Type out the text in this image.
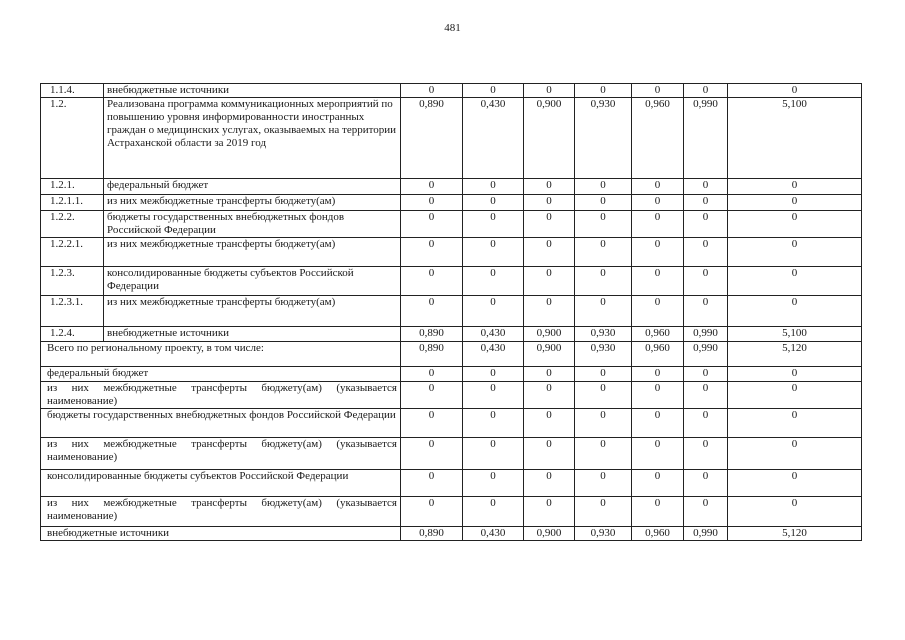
481
1.1.4.	внебюджетные источники	0	0	0	0	0	0	0
1.2.	Реализована программа коммуникационных мероприятий по повышению уровня информированности иностранных граждан о медицинских услугах, оказываемых на территории Астраханской области за 2019 год	0,890	0,430	0,900	0,930	0,960	0,990	5,100
1.2.1.	федеральный бюджет	0	0	0	0	0	0	0
1.2.1.1.	из них межбюджетные трансферты бюджету(ам)	0	0	0	0	0	0	0
1.2.2.	бюджеты государственных внебюджетных фондов Российской Федерации	0	0	0	0	0	0	0
1.2.2.1.	из них межбюджетные трансферты бюджету(ам)	0	0	0	0	0	0	0
1.2.3.	консолидированные бюджеты субъектов Российской Федерации	0	0	0	0	0	0	0
1.2.3.1.	из них межбюджетные трансферты бюджету(ам)	0	0	0	0	0	0	0
1.2.4.	внебюджетные источники	0,890	0,430	0,900	0,930	0,960	0,990	5,100
Всего по региональному проекту, в том числе:		0,890	0,430	0,900	0,930	0,960	0,990	5,120
федеральный бюджет		0	0	0	0	0	0	0
из них межбюджетные трансферты бюджету(ам) (указывается наименование)		0	0	0	0	0	0	0
бюджеты государственных внебюджетных фондов Российской Федерации		0	0	0	0	0	0	0
из них межбюджетные трансферты бюджету(ам) (указывается наименование)		0	0	0	0	0	0	0
консолидированные бюджеты субъектов Российской Федерации		0	0	0	0	0	0	0
из них межбюджетные трансферты бюджету(ам) (указывается наименование)		0	0	0	0	0	0	0
внебюджетные источники		0,890	0,430	0,900	0,930	0,960	0,990	5,120
